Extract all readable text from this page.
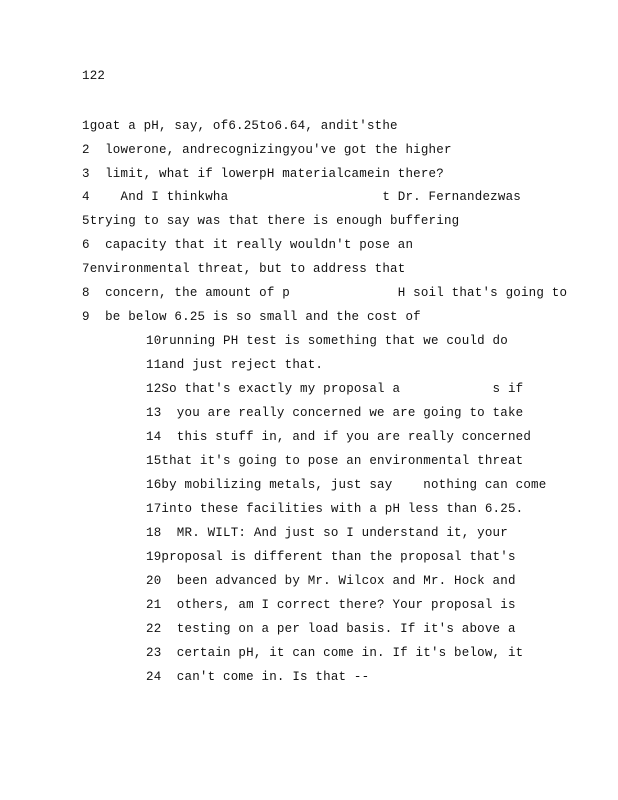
122
1goat a pH, say, of6.25to6.64, andit'sthe
2  lowerone, andrecognizingyou've got the higher
3  limit, what if lowerpH materialcamein there?
4    And I thinkwha                    t Dr. Fernandezwas
5trying to say was that there is enough buffering
6  capacity that it really wouldn't pose an
7environmental threat, but to address that
8  concern, the amount of p              H soil that's going to
9  be below 6.25 is so small and the cost of
10running PH test is something that we could do
11and just reject that.
12So that's exactly my proposal a            s if
13  you are really concerned we are going to take
14  this stuff in, and if you are really concerned
15that it's going to pose an environmental threat
16by mobilizing metals, just say    nothing can come
17into these facilities with a pH less than 6.25.
18  MR. WILT: And just so I understand it, your
19proposal is different than the proposal that's
20  been advanced by Mr. Wilcox and Mr. Hock and
21  others, am I correct there? Your proposal is
22  testing on a per load basis. If it's above a
23  certain pH, it can come in. If it's below, it
24  can't come in. Is that --
